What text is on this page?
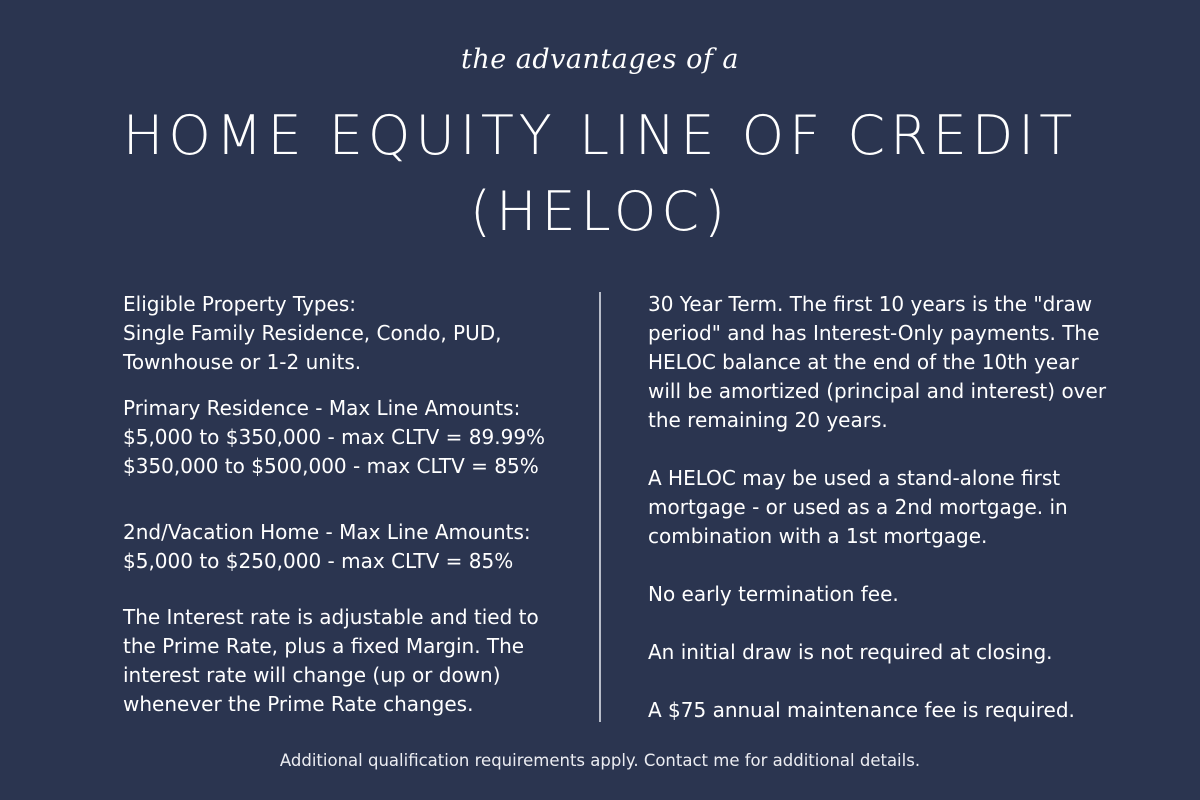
the advantages of a
HOME EQUITY LINE OF CREDIT
(HELOC)

Eligible Property Types:
Single Family Residence, Condo, PUD,
Townhouse or 1-2 units.

Primary Residence - Max Line Amounts:
$5,000 to $350,000 - max CLTV = 89.99%
$350,000 to $500,000 - max CLTV = 85%

2nd/Vacation Home - Max Line Amounts:
$5,000 to $250,000 - max CLTV = 85%

The Interest rate is adjustable and tied to
the Prime Rate, plus a fixed Margin. The
interest rate will change (up or down)
whenever the Prime Rate changes.

30 Year Term. The first 10 years is the "draw
period" and has Interest-Only payments. The
HELOC balance at the end of the 10th year
will be amortized (principal and interest) over
the remaining 20 years.

A HELOC may be used a stand-alone first
mortgage - or used as a 2nd mortgage. in
combination with a 1st mortgage.

No early termination fee.

An initial draw is not required at closing.

A $75 annual maintenance fee is required.

Additional qualification requirements apply. Contact me for additional details.
